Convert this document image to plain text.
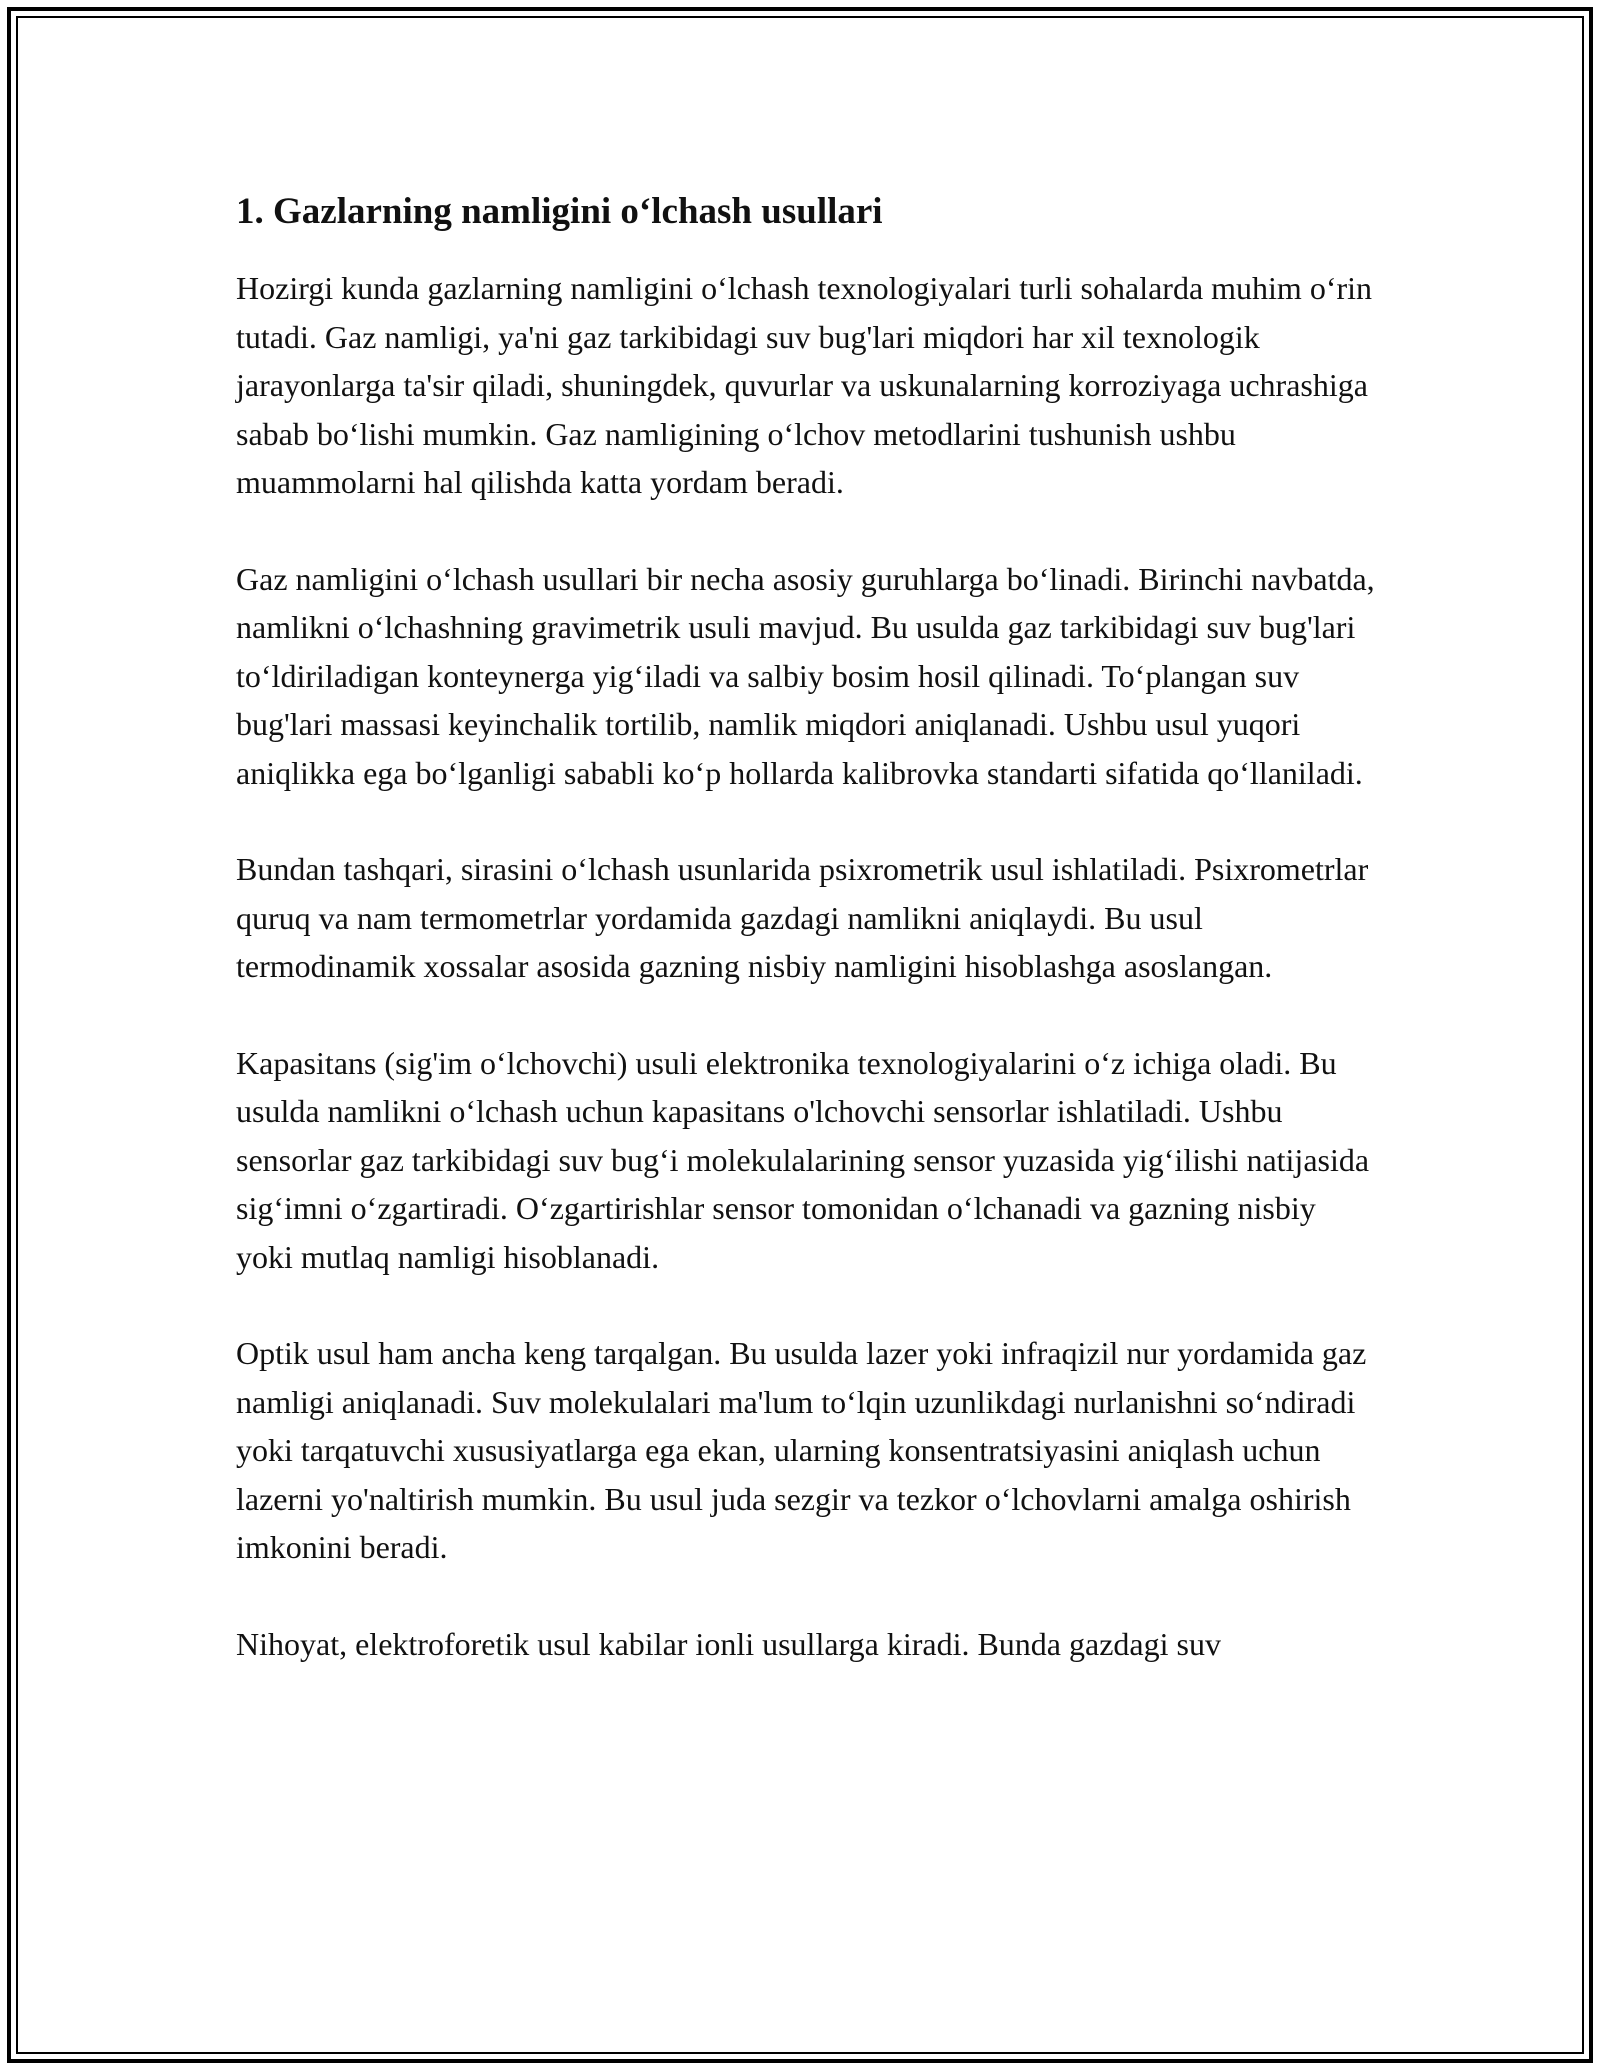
1. Gazlarning namligini o‘lchash usullari

Hozirgi kunda gazlarning namligini o‘lchash texnologiyalari turli sohalarda muhim o‘rin tutadi. Gaz namligi, ya'ni gaz tarkibidagi suv bug'lari miqdori har xil texnologik jarayonlarga ta'sir qiladi, shuningdek, quvurlar va uskunalarning korroziyaga uchrashiga sabab bo‘lishi mumkin. Gaz namligining o‘lchov metodlarini tushunish ushbu muammolarni hal qilishda katta yordam beradi.

Gaz namligini o‘lchash usullari bir necha asosiy guruhlarga bo‘linadi. Birinchi navbatda, namlikni o‘lchashning gravimetrik usuli mavjud. Bu usulda gaz tarkibidagi suv bug'lari to‘ldiriladigan konteynerga yig‘iladi va salbiy bosim hosil qilinadi. To‘plangan suv bug'lari massasi keyinchalik tortilib, namlik miqdori aniqlanadi. Ushbu usul yuqori aniqlikka ega bo‘lganligi sababli ko‘p hollarda kalibrovka standarti sifatida qo‘llaniladi.

Bundan tashqari, sirasini o‘lchash usunlarida psixrometrik usul ishlatiladi. Psixrometrlar quruq va nam termometrlar yordamida gazdagi namlikni aniqlaydi. Bu usul termodinamik xossalar asosida gazning nisbiy namligini hisoblashga asoslangan.

Kapasitans (sig'im o‘lchovchi) usuli elektronika texnologiyalarini o‘z ichiga oladi. Bu usulda namlikni o‘lchash uchun kapasitans o'lchovchi sensorlar ishlatiladi. Ushbu sensorlar gaz tarkibidagi suv bug‘i molekulalarining sensor yuzasida yig‘ilishi natijasida sig‘imni o‘zgartiradi. O‘zgartirishlar sensor tomonidan o‘lchanadi va gazning nisbiy yoki mutlaq namligi hisoblanadi.

Optik usul ham ancha keng tarqalgan. Bu usulda lazer yoki infraqizil nur yordamida gaz namligi aniqlanadi. Suv molekulalari ma'lum to‘lqin uzunlikdagi nurlanishni so‘ndiradi yoki tarqatuvchi xususiyatlarga ega ekan, ularning konsentratsiyasini aniqlash uchun lazerni yo'naltirish mumkin. Bu usul juda sezgir va tezkor o‘lchovlarni amalga oshirish imkonini beradi.

Nihoyat, elektroforetik usul kabilar ionli usullarga kiradi. Bunda gazdagi suv
